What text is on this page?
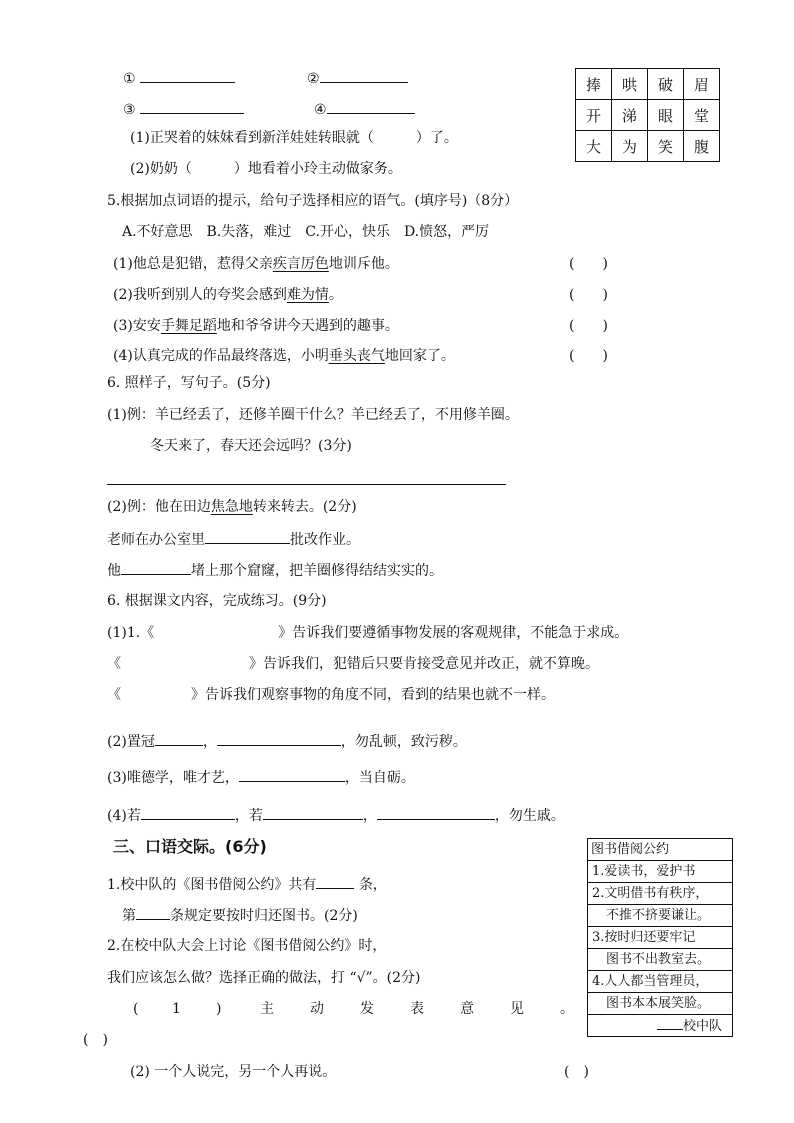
①	②
③	④
捧	哄	破	眉
开	涕	眼	堂
大	为	笑	腹
(1)正哭着的妹妹看到新洋娃娃转眼就（　　　）了。
(2)奶奶（　　　）地看着小玲主动做家务。
5.根据加点词语的提示，给句子选择相应的语气。(填序号)（8分）
A.不好意思　B.失落，难过　C.开心，快乐　D.愤怒，严厉
(1)他总是犯错，惹得父亲疾言厉色地训斥他。	(　　)
(2)我听到别人的夸奖会感到难为情。	(　　)
(3)安安手舞足蹈地和爷爷讲今天遇到的趣事。	(　　)
(4)认真完成的作品最终落选，小明垂头丧气地回家了。	(　　)
6. 照样子，写句子。(5分)
(1)例：羊已经丢了，还修羊圈干什么？羊已经丢了，不用修羊圈。
冬天来了，春天还会远吗？(3分)
(2)例：他在田边焦急地转来转去。(2分)
老师在办公室里	批改作业。
他	堵上那个窟窿，把羊圈修得结结实实的。
6. 根据课文内容，完成练习。(9分)
(1)1.《	》告诉我们要遵循事物发展的客观规律，不能急于求成。
《	》告诉我们，犯错后只要肯接受意见并改正，就不算晚。
《	》告诉我们观察事物的角度不同，看到的结果也就不一样。
(2)置冠	，	，勿乱顿，致污秽。
(3)唯德学，唯才艺，	，当自砺。
(4)若	，若	，	，勿生戚。
三、口语交际。(6分)	图书借阅公约
1.爱读书，爱护书
2.文明借书有秩序，
不推不挤要谦让。
3.按时归还要牢记
图书不出教室去。
4.人人都当管理员，
图书本本展笑脸。
校中队
1.校中队的《图书借阅公约》共有	条，
第 条规定要按时归还图书。(2分)
2.在校中队大会上讨论《图书借阅公约》时，
我们应该怎么做？选择正确的做法，打 “√”。(2分)
( 1	)	主	动	发	表	意	见	。
(　)
(2) 一个人说完，另一个人再说。	(　)
